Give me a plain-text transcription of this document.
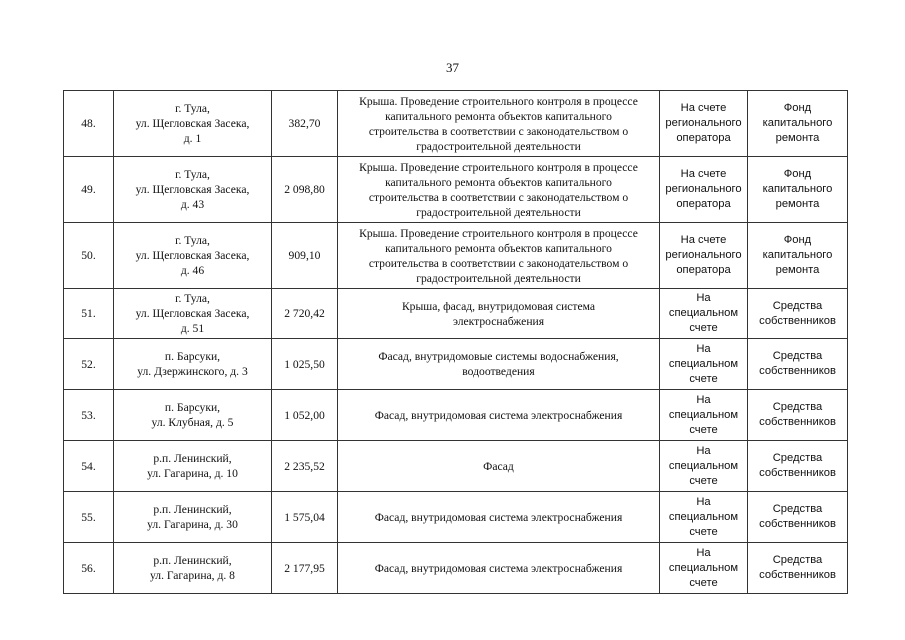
37
48.	г. Тула,
ул. Щегловская Засека,
д. 1	382,70	Крыша. Проведение строительного контроля в процессе
капитального ремонта объектов капитального
строительства в соответствии с законодательством о
градостроительной деятельности	На счете
регионального
оператора	Фонд
капитального
ремонта

49.	г. Тула,
ул. Щегловская Засека,
д. 43	2 098,80	Крыша. Проведение строительного контроля в процессе
капитального ремонта объектов капитального
строительства в соответствии с законодательством о
градостроительной деятельности	На счете
регионального
оператора	Фонд
капитального
ремонта

50.	г. Тула,
ул. Щегловская Засека,
д. 46	909,10	Крыша. Проведение строительного контроля в процессе
капитального ремонта объектов капитального
строительства в соответствии с законодательством о
градостроительной деятельности	На счете
регионального
оператора	Фонд
капитального
ремонта

51.	г. Тула,
ул. Щегловская Засека,
д. 51	2 720,42	Крыша, фасад, внутридомовая система
электроснабжения	На
специальном
счете	Средства
собственников

52.	п. Барсуки,
ул. Дзержинского, д. 3	1 025,50	Фасад, внутридомовые системы водоснабжения,
водоотведения	На
специальном
счете	Средства
собственников

53.	п. Барсуки,
ул. Клубная, д. 5	1 052,00	Фасад, внутридомовая система электроснабжения	На
специальном
счете	Средства
собственников

54.	р.п. Ленинский,
ул. Гагарина, д. 10	2 235,52	Фасад	На
специальном
счете	Средства
собственников

55.	р.п. Ленинский,
ул. Гагарина, д. 30	1 575,04	Фасад, внутридомовая система электроснабжения	На
специальном
счете	Средства
собственников

56.	р.п. Ленинский,
ул. Гагарина, д. 8	2 177,95	Фасад, внутридомовая система электроснабжения	На
специальном
счете	Средства
собственников
